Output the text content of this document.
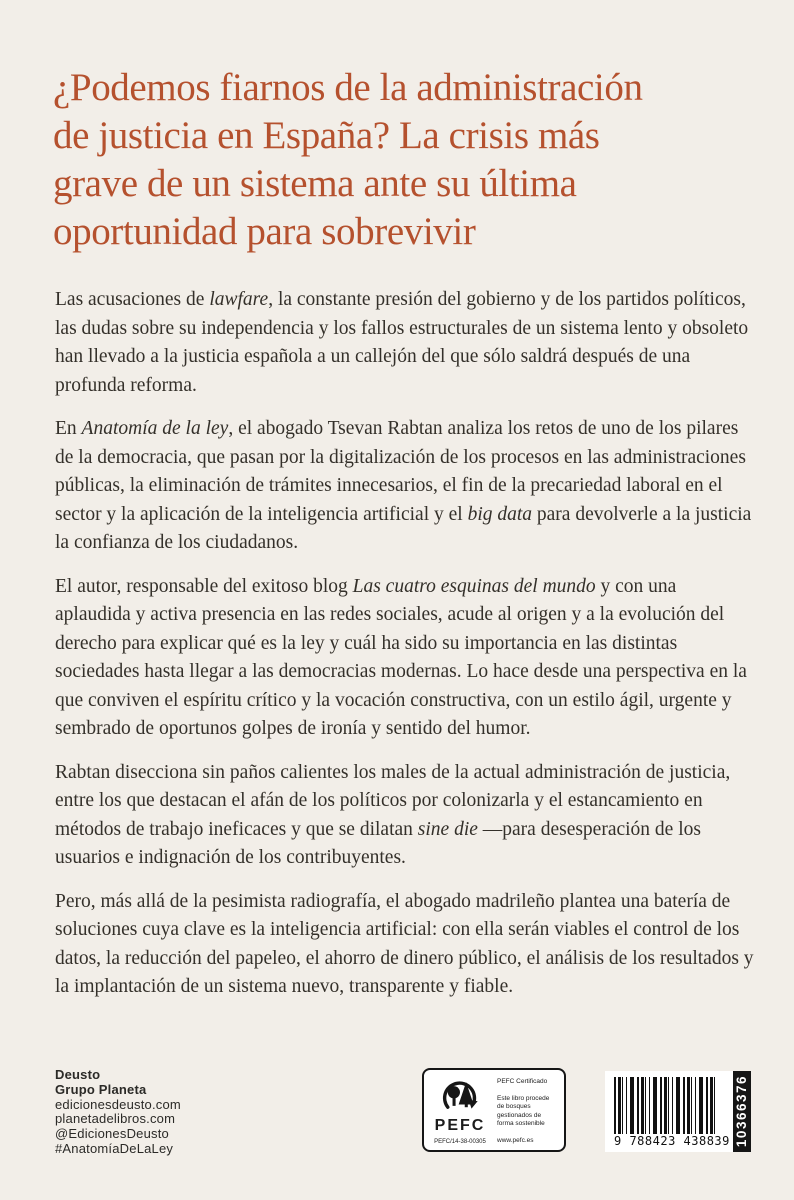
¿Podemos fiarnos de la administración
de justicia en España? La crisis más
grave de un sistema ante su última
oportunidad para sobrevivir

Las acusaciones de lawfare, la constante presión del gobierno y de los partidos políticos, las dudas sobre su independencia y los fallos estructurales de un sistema lento y obsoleto han llevado a la justicia española a un callejón del que sólo saldrá después de una profunda reforma.

En Anatomía de la ley, el abogado Tsevan Rabtan analiza los retos de uno de los pilares de la democracia, que pasan por la digitalización de los procesos en las administraciones públicas, la eliminación de trámites innecesarios, el fin de la precariedad laboral en el sector y la aplicación de la inteligencia artificial y el big data para devolverle a la justicia la confianza de los ciudadanos.

El autor, responsable del exitoso blog Las cuatro esquinas del mundo y con una aplaudida y activa presencia en las redes sociales, acude al origen y a la evolución del derecho para explicar qué es la ley y cuál ha sido su importancia en las distintas sociedades hasta llegar a las democracias modernas. Lo hace desde una perspectiva en la que conviven el espíritu crítico y la vocación constructiva, con un estilo ágil, urgente y sembrado de oportunos golpes de ironía y sentido del humor.

Rabtan disecciona sin paños calientes los males de la actual administración de justicia, entre los que destacan el afán de los políticos por colonizarla y el estancamiento en métodos de trabajo ineficaces y que se dilatan sine die —para desesperación de los usuarios e indignación de los contribuyentes.

Pero, más allá de la pesimista radiografía, el abogado madrileño plantea una batería de soluciones cuya clave es la inteligencia artificial: con ella serán viables el control de los datos, la reducción del papeleo, el ahorro de dinero público, el análisis de los resultados y la implantación de un sistema nuevo, transparente y fiable.

Deusto
Grupo Planeta
edicionesdeusto.com
planetadelibros.com
@EdicionesDeusto
#AnatomíaDeLaLey
PEFC
PEFC/14-38-00305
PEFC Certificado
Este libro procede de bosques gestionados de forma sostenible
www.pefc.es	9 788423 438839 10366376
